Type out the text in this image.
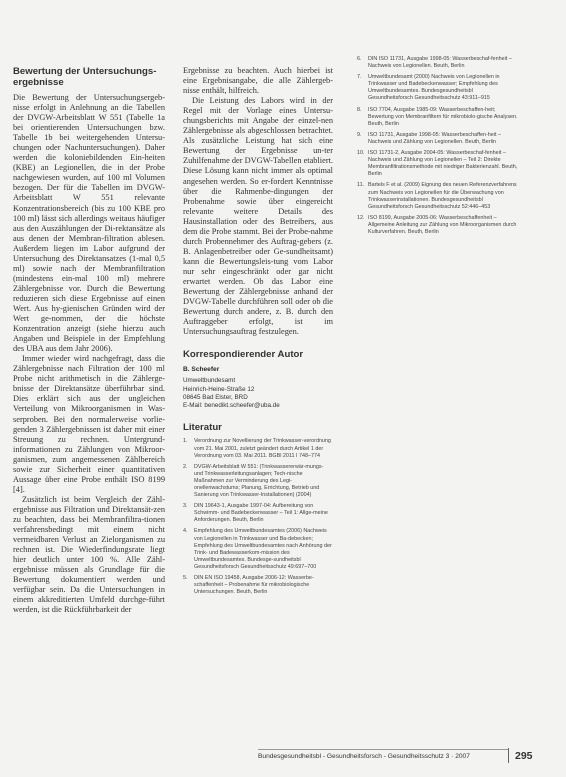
Bewertung der Untersuchungs-
ergebnisse

Die Bewertung der Untersuchungsergeb-nisse erfolgt in Anlehnung an die Tabellen der DVGW-Arbeitsblatt W 551 (Tabelle 1a bei orientierenden Untersuchungen bzw. Tabelle 1b bei weitergehenden Untersu-chungen oder Nachuntersuchungen). Daher werden die koloniebildenden Ein-heiten (KBE) an Legionellen, die in der Probe nachgewiesen wurden, auf 100 ml Volumen bezogen. Der für die Tabellen im DVGW-Arbeitsblatt W 551 relevante Konzentrationsbereich (bis zu 100 KBE pro 100 ml) lässt sich allerdings weitaus häufiger aus den Auszählungen der Di-rektansätze als aus denen der Membran-filtration ablesen. Außerdem liegen im Labor aufgrund der Untersuchung des Direktansatzes (1-mal 0,5 ml) sowie nach der Membranfiltration (mindestens ein-mal 100 ml) mehrere Zählergebnisse vor. Durch die Bewertung reduzieren sich diese Ergebnisse auf einen Wert. Aus hy-gienischen Gründen wird der Wert ge-nommen, der die höchste Konzentration anzeigt (siehe hierzu auch Angaben und Beispiele in der Empfehlung des UBA aus dem Jahr 2006).

Immer wieder wird nachgefragt, dass die Zählergebnisse nach Filtration der 100 ml Probe nicht arithmetisch in die Zählerge-bnisse der Direktansätze überführbar sind. Dies erklärt sich aus der ungleichen Verteilung von Mikroorganismen in Was-serproben. Bei den normalerweise vorlie-genden 3 Zählergebnissen ist daher mit einer Streuung zu rechnen. Untergrund-informationen zu Zählungen von Mikroor-ganismen, zum angemessenen Zählbereich sowie zur Sicherheit einer quantitativen Aussage über eine Probe enthält ISO 8199 [4].

Zusätzlich ist beim Vergleich der Zähl-ergebnisse aus Filtration und Direktansät-zen zu beachten, dass bei Membranfiltra-tionen verfahrensbedingt mit einem nicht vermeidbaren Verlust an Zielorganismen zu rechnen ist. Die Wiederfindungsrate liegt hier deutlich unter 100 %. Alle Zähl-ergebnisse müssen als Grundlage für die Bewertung dokumentiert werden und verfügbar sein. Da die Untersuchungen in einem akkreditierten Umfeld durchge-führt werden, ist die Rückführbarkeit der

Ergebnisse zu beachten. Auch hierbei ist eine Ergebnisangabe, die alle Zählergeb-nisse enthält, hilfreich.

Die Leistung des Labors wird in der Regel mit der Vorlage eines Untersu-chungsberichts mit Angabe der einzel-nen Zählergebnisse als abgeschlossen betrachtet. Als zusätzliche Leistung hat sich eine Bewertung der Ergebnisse un-ter Zuhilfenahme der DVGW-Tabellen etabliert. Diese Lösung kann nicht immer als optimal angesehen werden. So er-fordert Kenntnisse über die Rahmenbe-dingungen der Probenahme sowie über eingereicht relevante weitere Details des Hausinstallation oder des Betreibers, aus dem die Probe stammt. Bei der Probe-nahme durch Probennehmer des Auftrag-gebers (z. B. Anlagenbetreiber oder Ge-sundheitsamt) kann die Bewertungsleis-tung vom Labor nur sehr eingeschränkt oder gar nicht erwartet werden. Ob das Labor eine Bewertung der Zählergebnisse anhand der DVGW-Tabelle durchführen soll oder ob die Bewertung durch andere, z. B. durch den Auftraggeber erfolgt, ist im Untersuchungsauftrag festzulegen.

Korrespondierender Autor
B. Scheefer
Umweltbundesamt
Heinrich-Heine-Straße 12
08645 Bad Elster, BRD
E-Mail: benedikt.scheefer@uba.de
Literatur
1. Verordnung zur Novellierung der Trinkwasser-verordnung vom 21. Mai 2001, zuletzt geändert durch Artikel 1 der Verordnung vom 03. Mai 2011. BGBl 2011 I 748–774
2. DVGW-Arbeitsblatt W 551: (Trinkwassererwär-mungs- und Trinkwasserleitungsanlagen; Tech-nische Maßnahmen zur Verminderung des Legi-onellenwachstums; Planung, Errichtung, Betrieb und Sanierung von Trinkwasser-Installationen) (2004)
3. DIN 19643-1, Ausgabe 1997-04: Aufbereitung von Schwimm- und Badebeckenwasser – Teil 1: Allge-meine Anforderungen. Beuth, Berlin
4. Empfehlung des Umweltbundesamtes (2006) Nachweis von Legionellen in Trinkwasser und Ba-debecken; Empfehlung des Umweltbundesamtes nach Anhörung der Trink- und Badewasserkom-mission des Umweltbundesamtes. Bundesge-sundheitsbl Gesundheitsforsch Gesundheitsschutz 49:697–700
5. DIN EN ISO 19458, Ausgabe 2006-12: Wasserbe-schaffenheit – Probenahme für mikrobiologische Untersuchungen. Beuth, Berlin
6. DIN ISO 11731, Ausgabe 1998-05: Wasserbeschaf-fenheit – Nachweis von Legionellen. Beuth, Berlin
7. Umweltbundesamt (2000) Nachweis von Legionellen in Trinkwasser und Badebeckenwasser; Empfehlung des Umweltbundesamtes. Bundesgesundheitsbl Gesundheitsforsch Gesundheitsschutz 43:911–915
8. ISO 7704, Ausgabe 1985-09: Wasserbeschaffen-heit; Bewertung von Membranfiltern für mikrobiolo-gische Analysen. Beuth, Berlin
9. ISO 11731, Ausgabe 1998-05: Wasserbeschaffen-heit – Nachweis und Zählung von Legionellen. Beuth, Berlin
10. ISO 11731-2, Ausgabe 2004-05: Wasserbeschaf-fenheit – Nachweis und Zählung von Legionellen – Teil 2: Direkte Membranfiltrationsmethode mit niedriger Bakterienzahl. Beuth, Berlin
11. Bartels F et al. (2009) Eignung des neuen Referenzverfahrens zum Nachweis von Legionellen für die Überwachung von Trinkwasserinstallationen. Bundesgesundheitsbl Gesundheitsforsch Gesundheitsschutz 52:446–453
12. ISO 8199, Ausgabe 2005-06: Wasserbeschaffenheit – Allgemeine Anleitung zur Zählung von Mikroorganismen durch Kulturverfahren. Beuth, Berlin
Bundesgesundheitsbl - Gesundheitsforsch - Gesundheitsschutz 3 · 2007	295
